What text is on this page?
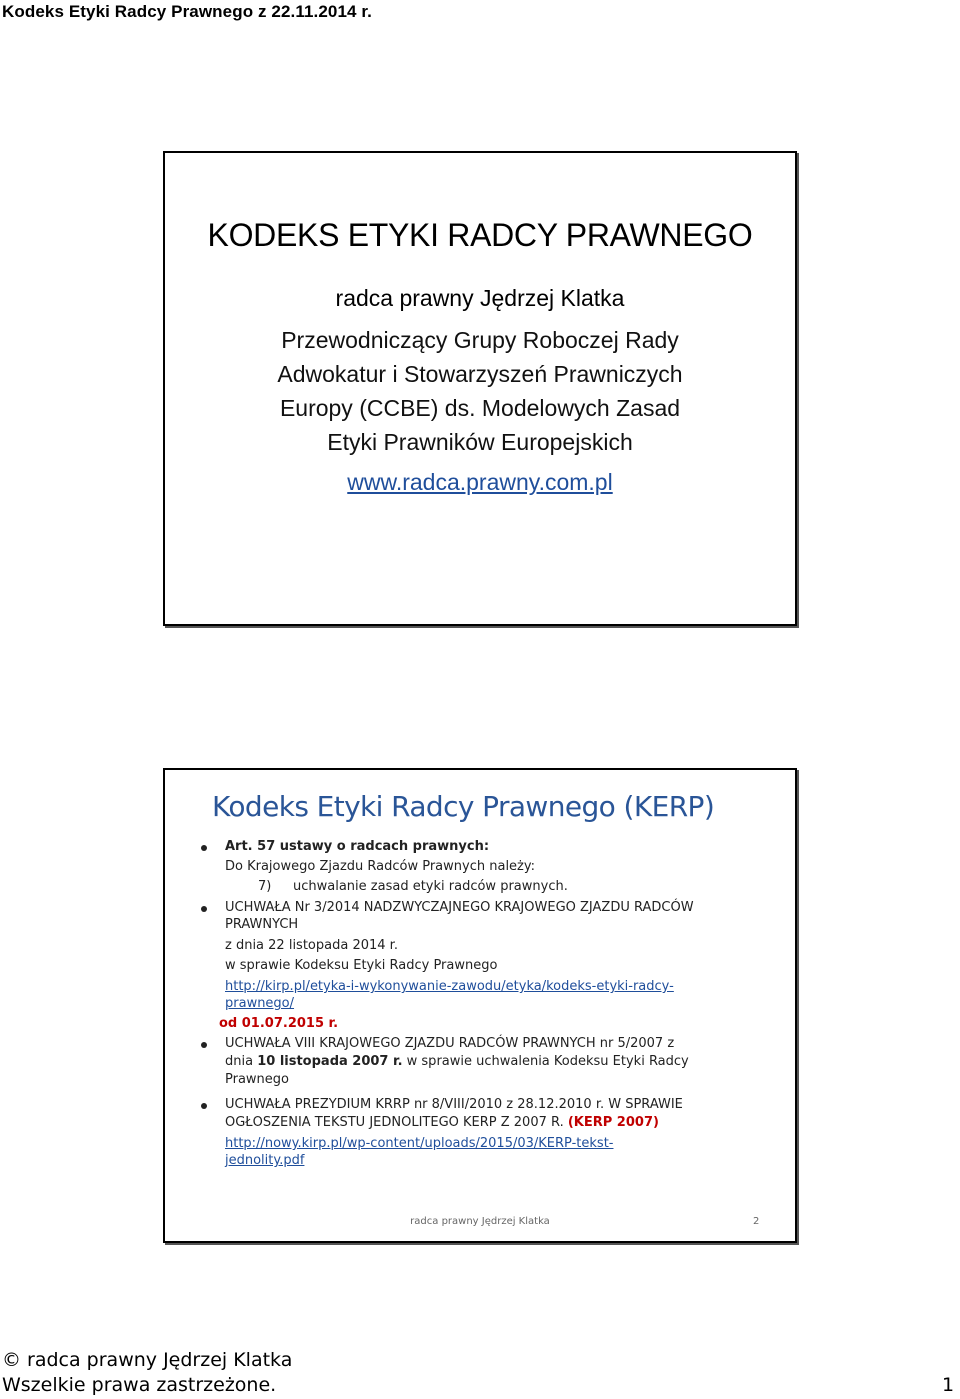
Kodeks Etyki Radcy Prawnego z 22.11.2014 r.
KODEKS ETYKI RADCY PRAWNEGO
radca prawny Jędrzej Klatka
Przewodniczący Grupy Roboczej Rady
Adwokatur i Stowarzyszeń Prawniczych
Europy (CCBE) ds. Modelowych Zasad
Etyki Prawników Europejskich
www.radca.prawny.com.pl
Kodeks Etyki Radcy Prawnego (KERP)
Art. 57 ustawy o radcach prawnych:
Do Krajowego Zjazdu Radców Prawnych należy:
7) uchwalanie zasad etyki radców prawnych.
UCHWAŁA Nr 3/2014 NADZWYCZAJNEGO KRAJOWEGO ZJAZDU RADCÓW
PRAWNYCH
z dnia 22 listopada 2014 r.
w sprawie Kodeksu Etyki Radcy Prawnego
http://kirp.pl/etyka-i-wykonywanie-zawodu/etyka/kodeks-etyki-radcy-
prawnego/
od 01.07.2015 r.
UCHWAŁA VIII KRAJOWEGO ZJAZDU RADCÓW PRAWNYCH nr 5/2007 z
dnia 10 listopada 2007 r. w sprawie uchwalenia Kodeksu Etyki Radcy
Prawnego
UCHWAŁA PREZYDIUM KRRP nr 8/VIII/2010 z 28.12.2010 r. W SPRAWIE
OGŁOSZENIA TEKSTU JEDNOLITEGO KERP Z 2007 R. (KERP 2007)
http://nowy.kirp.pl/wp-content/uploads/2015/03/KERP-tekst-
jednolity.pdf
radca prawny Jędrzej Klatka	2
© radca prawny Jędrzej Klatka
Wszelkie prawa zastrzeżone.	1
